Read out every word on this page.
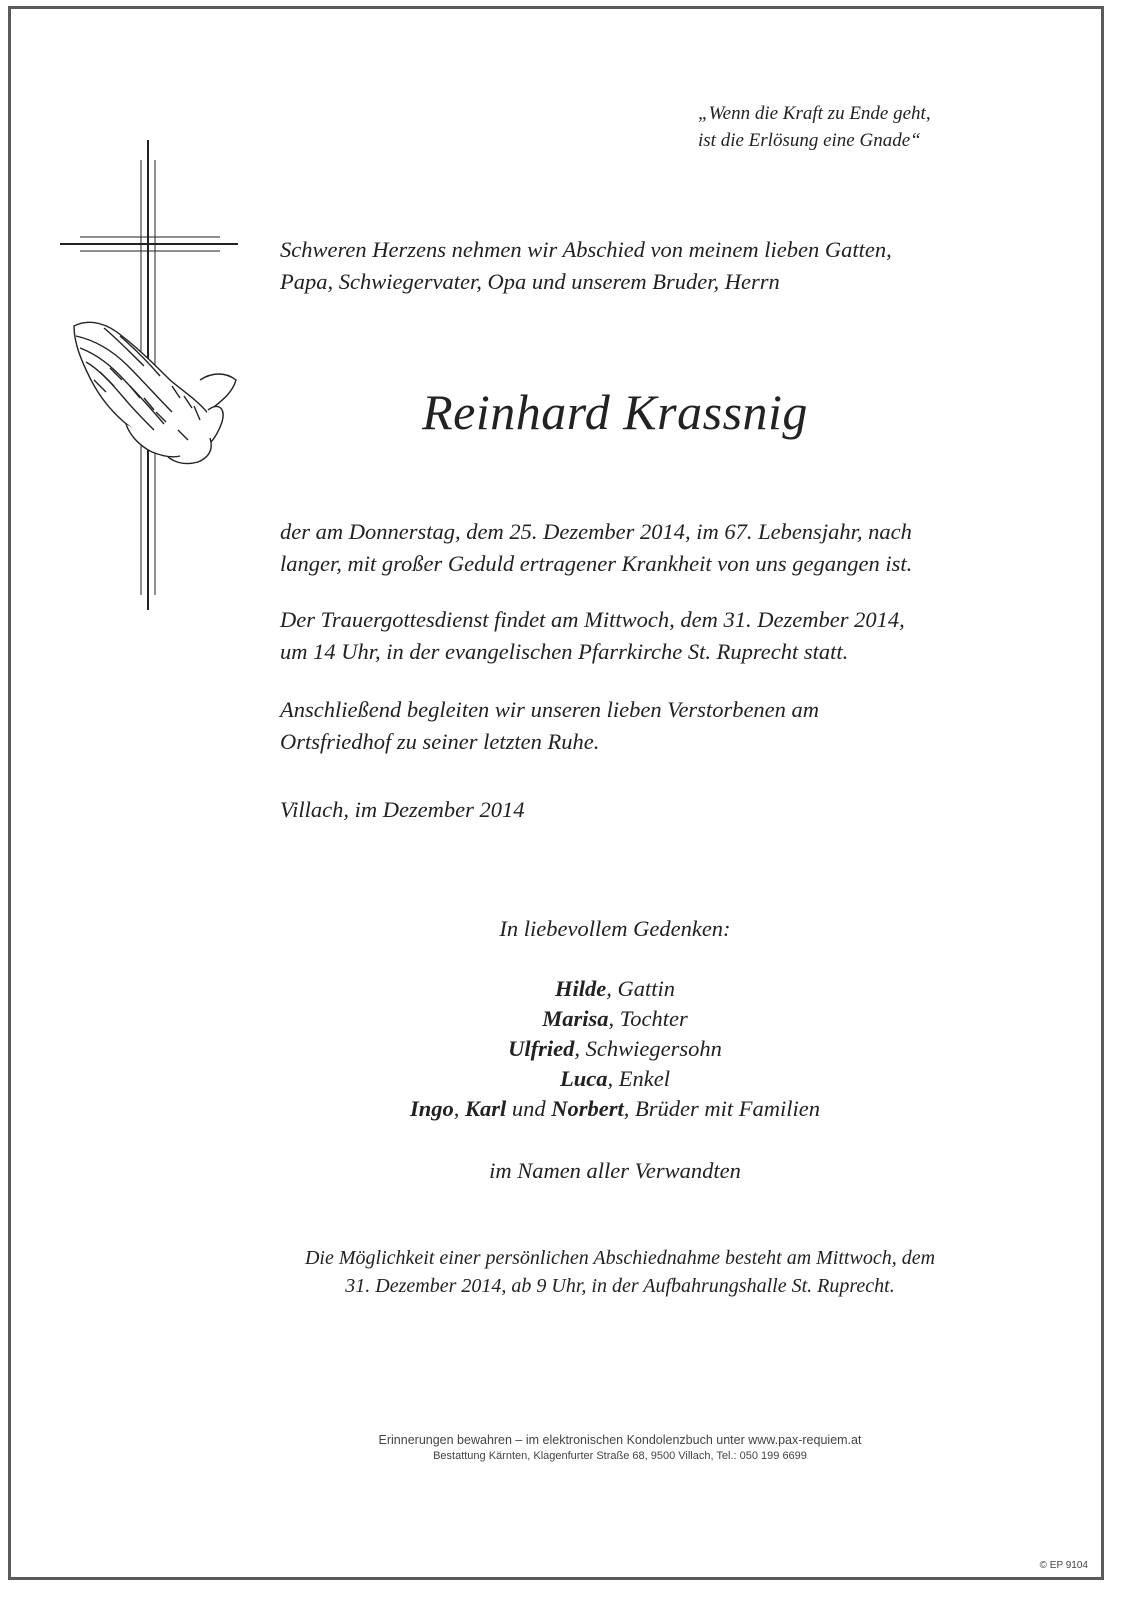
„Wenn die Kraft zu Ende geht,
ist die Erlösung eine Gnade“
Schweren Herzens nehmen wir Abschied von meinem lieben Gatten,
Papa, Schwiegervater, Opa und unserem Bruder, Herrn
Reinhard Krassnig
der am Donnerstag, dem 25. Dezember 2014, im 67. Lebensjahr, nach
langer, mit großer Geduld ertragener Krankheit von uns gegangen ist.
Der Trauergottesdienst findet am Mittwoch, dem 31. Dezember 2014,
um 14 Uhr, in der evangelischen Pfarrkirche St. Ruprecht statt.
Anschließend begleiten wir unseren lieben Verstorbenen am
Ortsfriedhof zu seiner letzten Ruhe.
Villach, im Dezember 2014
In liebevollem Gedenken:
Hilde, Gattin
Marisa, Tochter
Ulfried, Schwiegersohn
Luca, Enkel
Ingo, Karl und Norbert, Brüder mit Familien
im Namen aller Verwandten
Die Möglichkeit einer persönlichen Abschiednahme besteht am Mittwoch, dem
31. Dezember 2014, ab 9 Uhr, in der Aufbahrungshalle St. Ruprecht.
Erinnerungen bewahren – im elektronischen Kondolenzbuch unter www.pax-requiem.at
Bestattung Kärnten, Klagenfurter Straße 68, 9500 Villach, Tel.: 050 199 6699
© EP 9104
